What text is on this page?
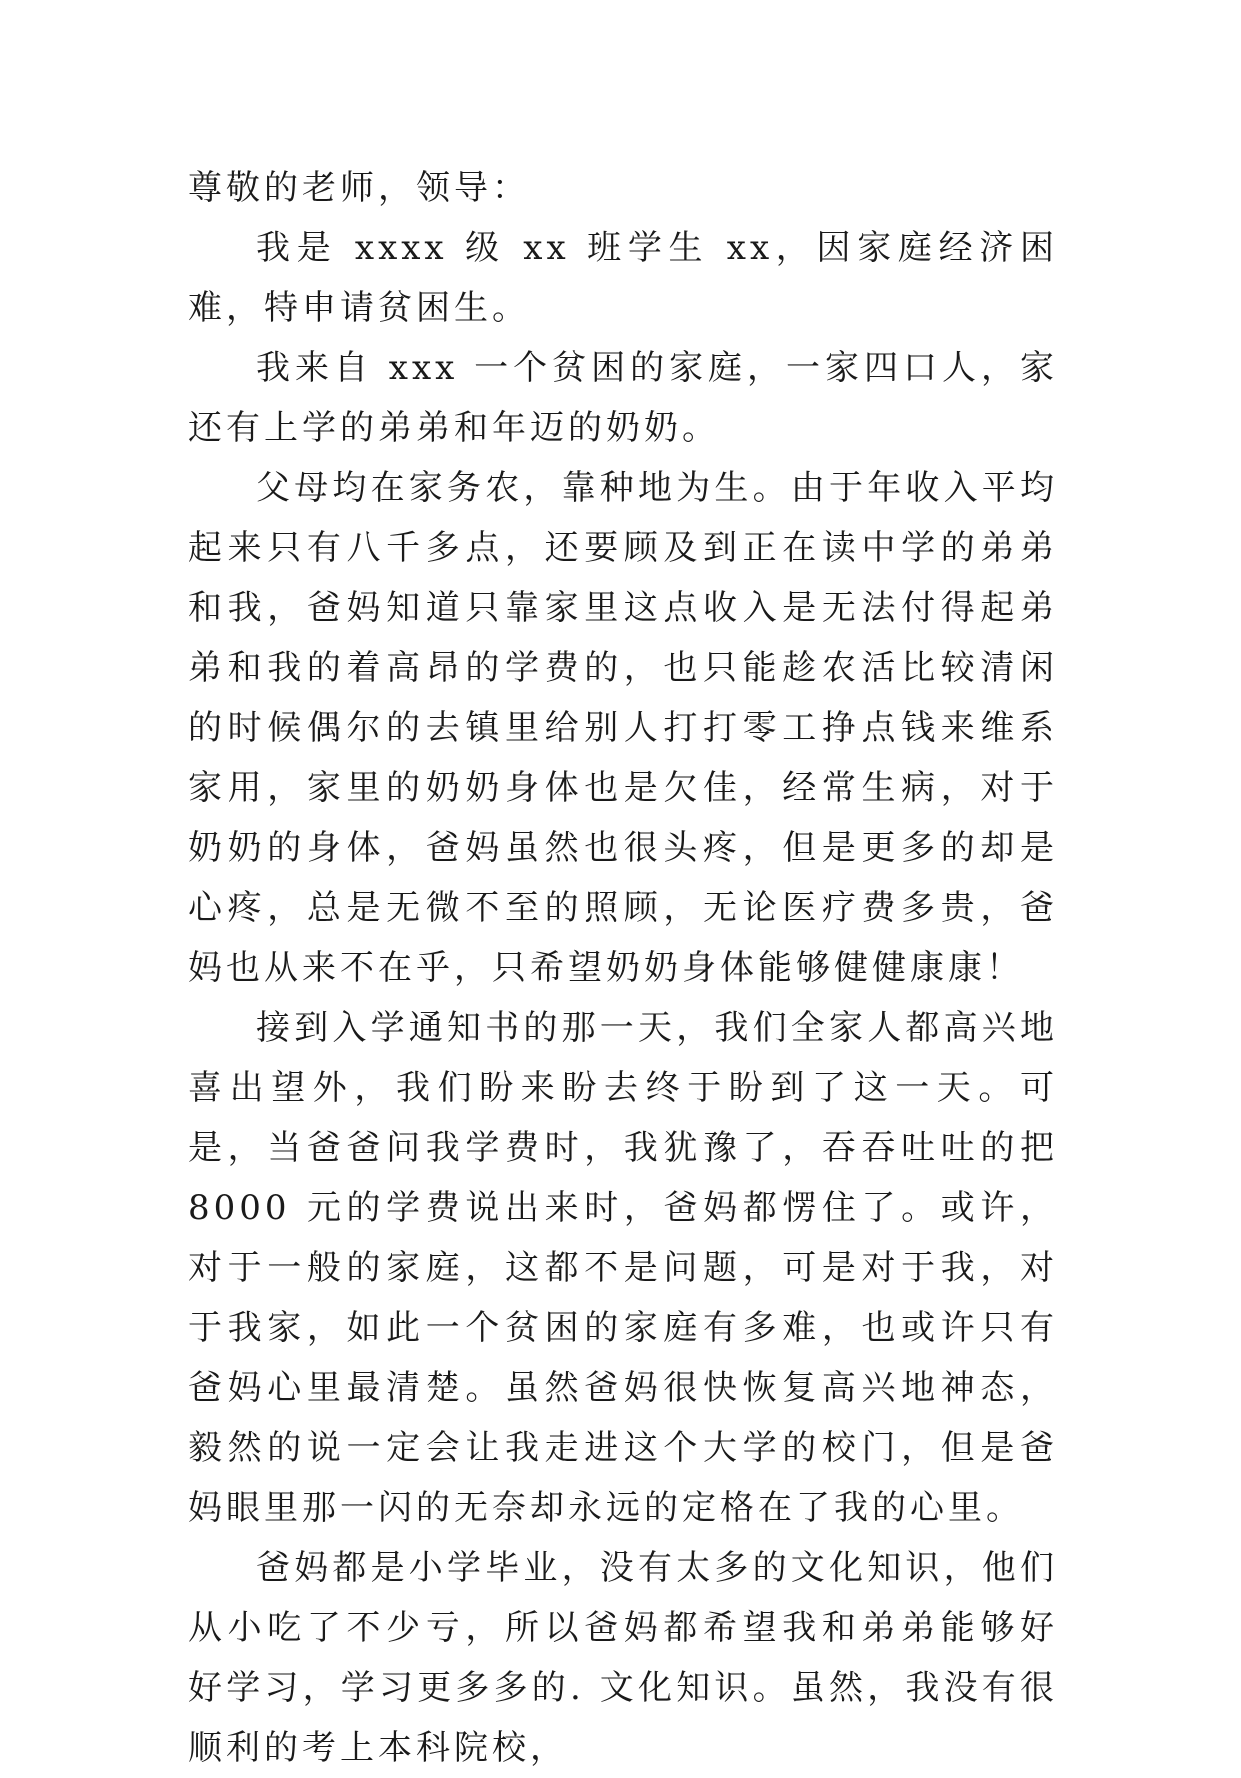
尊敬的老师，领导：

我是 xxxx 级 xx 班学生 xx，因家庭经济困难，特申请贫困生。

我来自 xxx 一个贫困的家庭，一家四口人，家还有上学的弟弟和年迈的奶奶。

父母均在家务农，靠种地为生。由于年收入平均起来只有八千多点，还要顾及到正在读中学的弟弟和我，爸妈知道只靠家里这点收入是无法付得起弟弟和我的着高昂的学费的，也只能趁农活比较清闲的时候偶尔的去镇里给别人打打零工挣点钱来维系家用，家里的奶奶身体也是欠佳，经常生病，对于奶奶的身体，爸妈虽然也很头疼，但是更多的却是心疼，总是无微不至的照顾，无论医疗费多贵，爸妈也从来不在乎，只希望奶奶身体能够健健康康！

接到入学通知书的那一天，我们全家人都高兴地喜出望外，我们盼来盼去终于盼到了这一天。可是，当爸爸问我学费时，我犹豫了，吞吞吐吐的把 8000 元的学费说出来时，爸妈都愣住了。或许，对于一般的家庭，这都不是问题，可是对于我，对于我家，如此一个贫困的家庭有多难，也或许只有爸妈心里最清楚。虽然爸妈很快恢复高兴地神态，毅然的说一定会让我走进这个大学的校门，但是爸妈眼里那一闪的无奈却永远的定格在了我的心里。

爸妈都是小学毕业，没有太多的文化知识，他们从小吃了不少亏，所以爸妈都希望我和弟弟能够好好学习，学习更多多的. 文化知识。虽然，我没有很顺利的考上本科院校，
